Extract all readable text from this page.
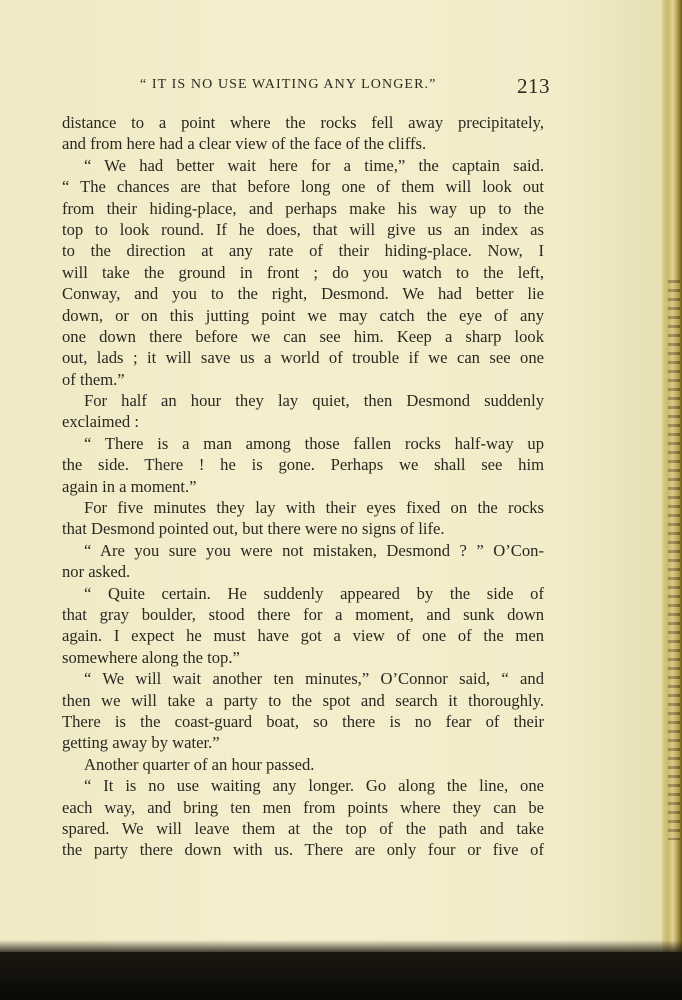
“ IT IS NO USE WAITING ANY LONGER.”	213
distance to a point where the rocks fell away precipitately,
and from here had a clear view of the face of the cliffs.
“ We had better wait here for a time,” the captain said.
“ The chances are that before long one of them will look out
from their hiding-place, and perhaps make his way up to the
top to look round. If he does, that will give us an index as
to the direction at any rate of their hiding-place. Now, I
will take the ground in front ; do you watch to the left,
Conway, and you to the right, Desmond. We had better lie
down, or on this jutting point we may catch the eye of any
one down there before we can see him. Keep a sharp look
out, lads ; it will save us a world of trouble if we can see one
of them.”
For half an hour they lay quiet, then Desmond suddenly
exclaimed :
“ There is a man among those fallen rocks half-way up
the side. There ! he is gone. Perhaps we shall see him
again in a moment.”
For five minutes they lay with their eyes fixed on the rocks
that Desmond pointed out, but there were no signs of life.
“ Are you sure you were not mistaken, Desmond ? ” O’Con-
nor asked.
“ Quite certain. He suddenly appeared by the side of
that gray boulder, stood there for a moment, and sunk down
again. I expect he must have got a view of one of the men
somewhere along the top.”
“ We will wait another ten minutes,” O’Connor said, “ and
then we will take a party to the spot and search it thoroughly.
There is the coast-guard boat, so there is no fear of their
getting away by water.”
Another quarter of an hour passed.
“ It is no use waiting any longer. Go along the line, one
each way, and bring ten men from points where they can be
spared. We will leave them at the top of the path and take
the party there down with us. There are only four or five of
